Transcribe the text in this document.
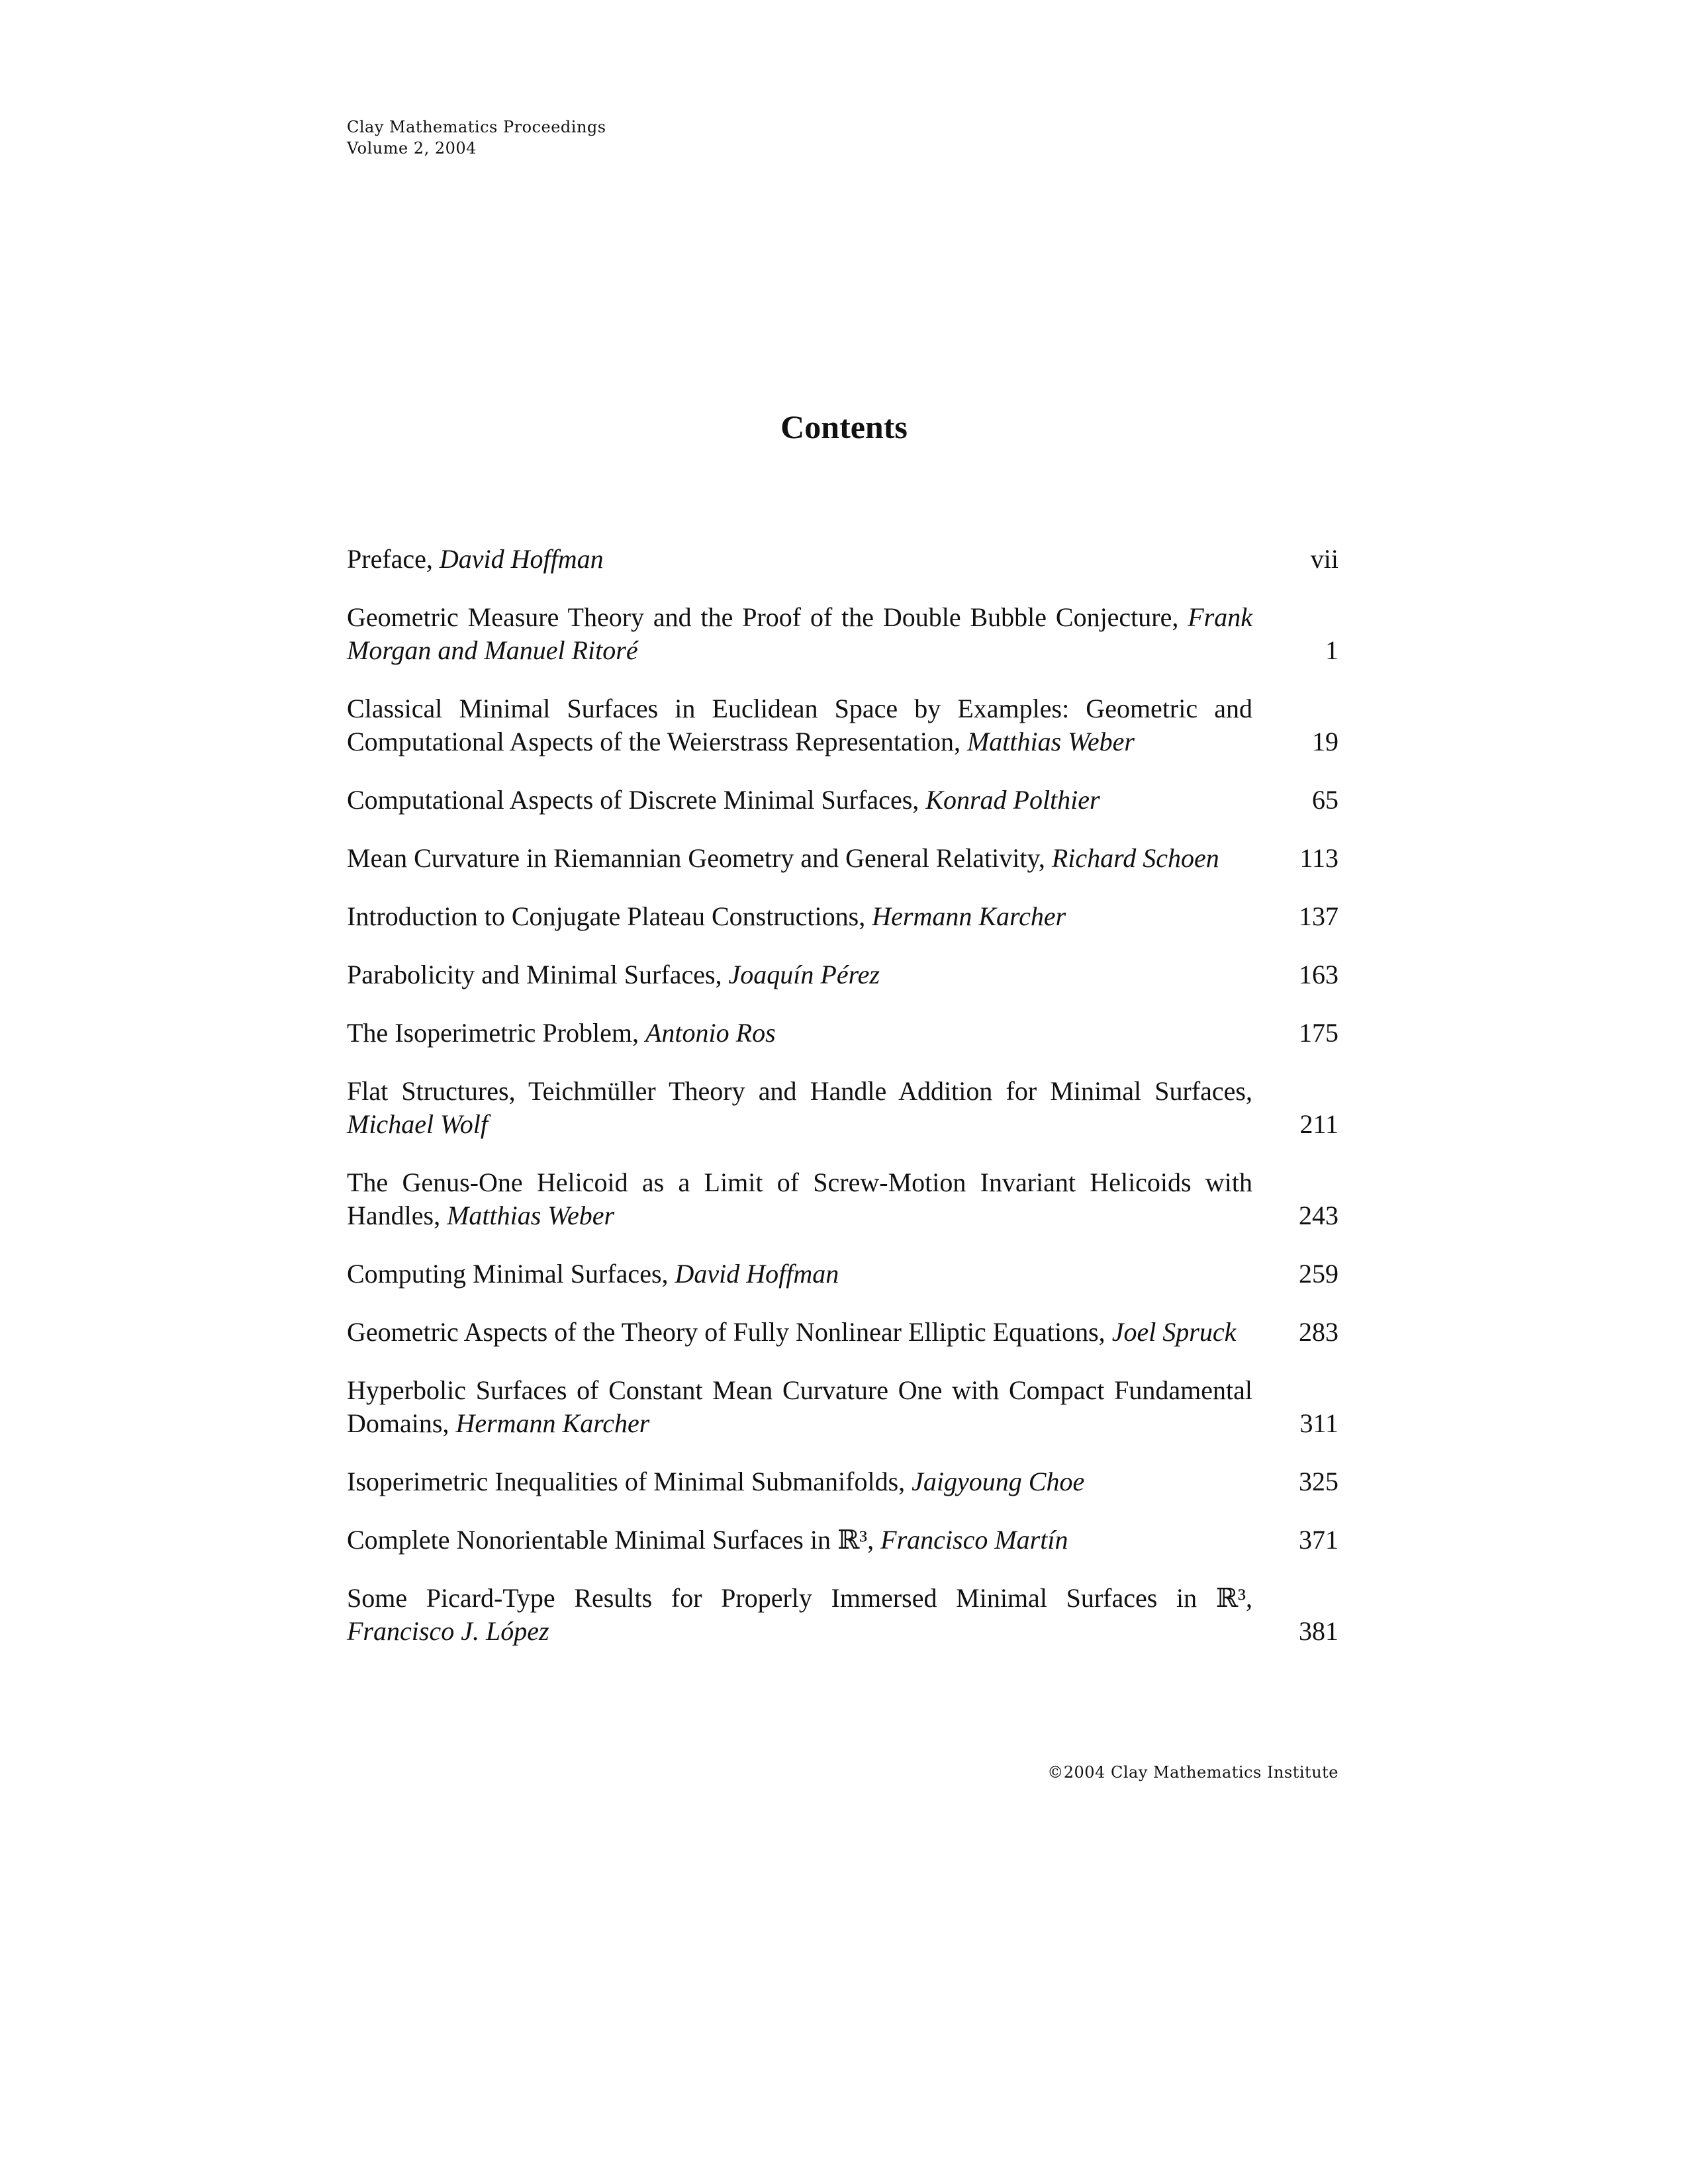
Clay Mathematics Proceedings
Volume 2, 2004
Contents
Preface, David Hoffman	vii
Geometric Measure Theory and the Proof of the Double Bubble Conjecture, Frank Morgan and Manuel Ritoré	1
Classical Minimal Surfaces in Euclidean Space by Examples: Geometric and Computational Aspects of the Weierstrass Representation, Matthias Weber	19
Computational Aspects of Discrete Minimal Surfaces, Konrad Polthier	65
Mean Curvature in Riemannian Geometry and General Relativity, Richard Schoen	113
Introduction to Conjugate Plateau Constructions, Hermann Karcher	137
Parabolicity and Minimal Surfaces, Joaquín Pérez	163
The Isoperimetric Problem, Antonio Ros	175
Flat Structures, Teichmüller Theory and Handle Addition for Minimal Surfaces, Michael Wolf	211
The Genus-One Helicoid as a Limit of Screw-Motion Invariant Helicoids with Handles, Matthias Weber	243
Computing Minimal Surfaces, David Hoffman	259
Geometric Aspects of the Theory of Fully Nonlinear Elliptic Equations, Joel Spruck	283
Hyperbolic Surfaces of Constant Mean Curvature One with Compact Fundamental Domains, Hermann Karcher	311
Isoperimetric Inequalities of Minimal Submanifolds, Jaigyoung Choe	325
Complete Nonorientable Minimal Surfaces in ℝ³, Francisco Martín	371
Some Picard-Type Results for Properly Immersed Minimal Surfaces in ℝ³, Francisco J. López	381
©2004 Clay Mathematics Institute
